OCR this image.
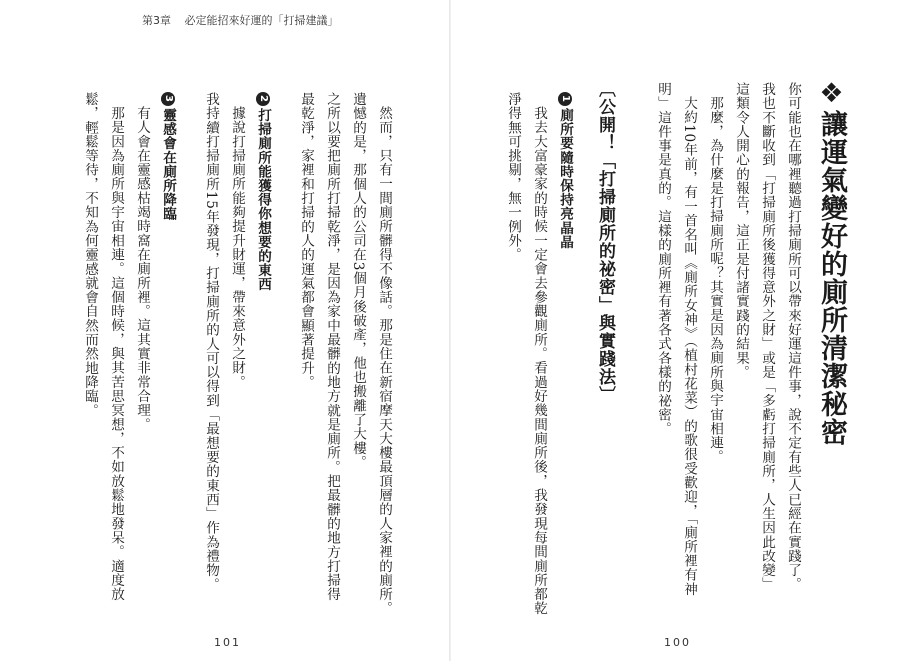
第3章 必定能招來好運的「打掃建議」
❖讓運氣變好的廁所清潔秘密
你可能也在哪裡聽過打掃廁所可以帶來好運這件事，說不定有些人已經在實踐了。
我也不斷收到「打掃廁所後獲得意外之財」或是「多虧打掃廁所，人生因此改變」
這類令人開心的報告，這正是付諸實踐的結果。
那麼，為什麼是打掃廁所呢？其實是因為廁所與宇宙相連。
大約10年前，有一首名叫《廁所女神》（植村花菜）的歌很受歡迎，「廁所裡有神
明」這件事是真的。這樣的廁所裡有著各式各樣的祕密。
〔公開！「打掃廁所的祕密」與實踐法〕
1廁所要隨時保持亮晶晶
我去大富豪家的時候一定會去參觀廁所。看過好幾間廁所後，我發現每間廁所都乾
淨得無可挑剔，無一例外。
100
然而，只有一間廁所髒得不像話。那是住在新宿摩天大樓最頂層的人家裡的廁所。
遺憾的是，那個人的公司在3個月後破產，他也搬離了大樓。
之所以要把廁所打掃乾淨，是因為家中最髒的地方就是廁所。把最髒的地方打掃得
最乾淨，家裡和打掃的人的運氣都會顯著提升。
2打掃廁所能獲得你想要的東西
據說打掃廁所能夠提升財運，帶來意外之財。
我持續打掃廁所15年發現，打掃廁所的人可以得到「最想要的東西」作為禮物。
3靈感會在廁所降臨
有人會在靈感枯竭時窩在廁所裡。這其實非常合理。
那是因為廁所與宇宙相連。這個時候，與其苦思冥想，不如放鬆地發呆。適度放
鬆，輕鬆等待，不知為何靈感就會自然而然地降臨。
101
